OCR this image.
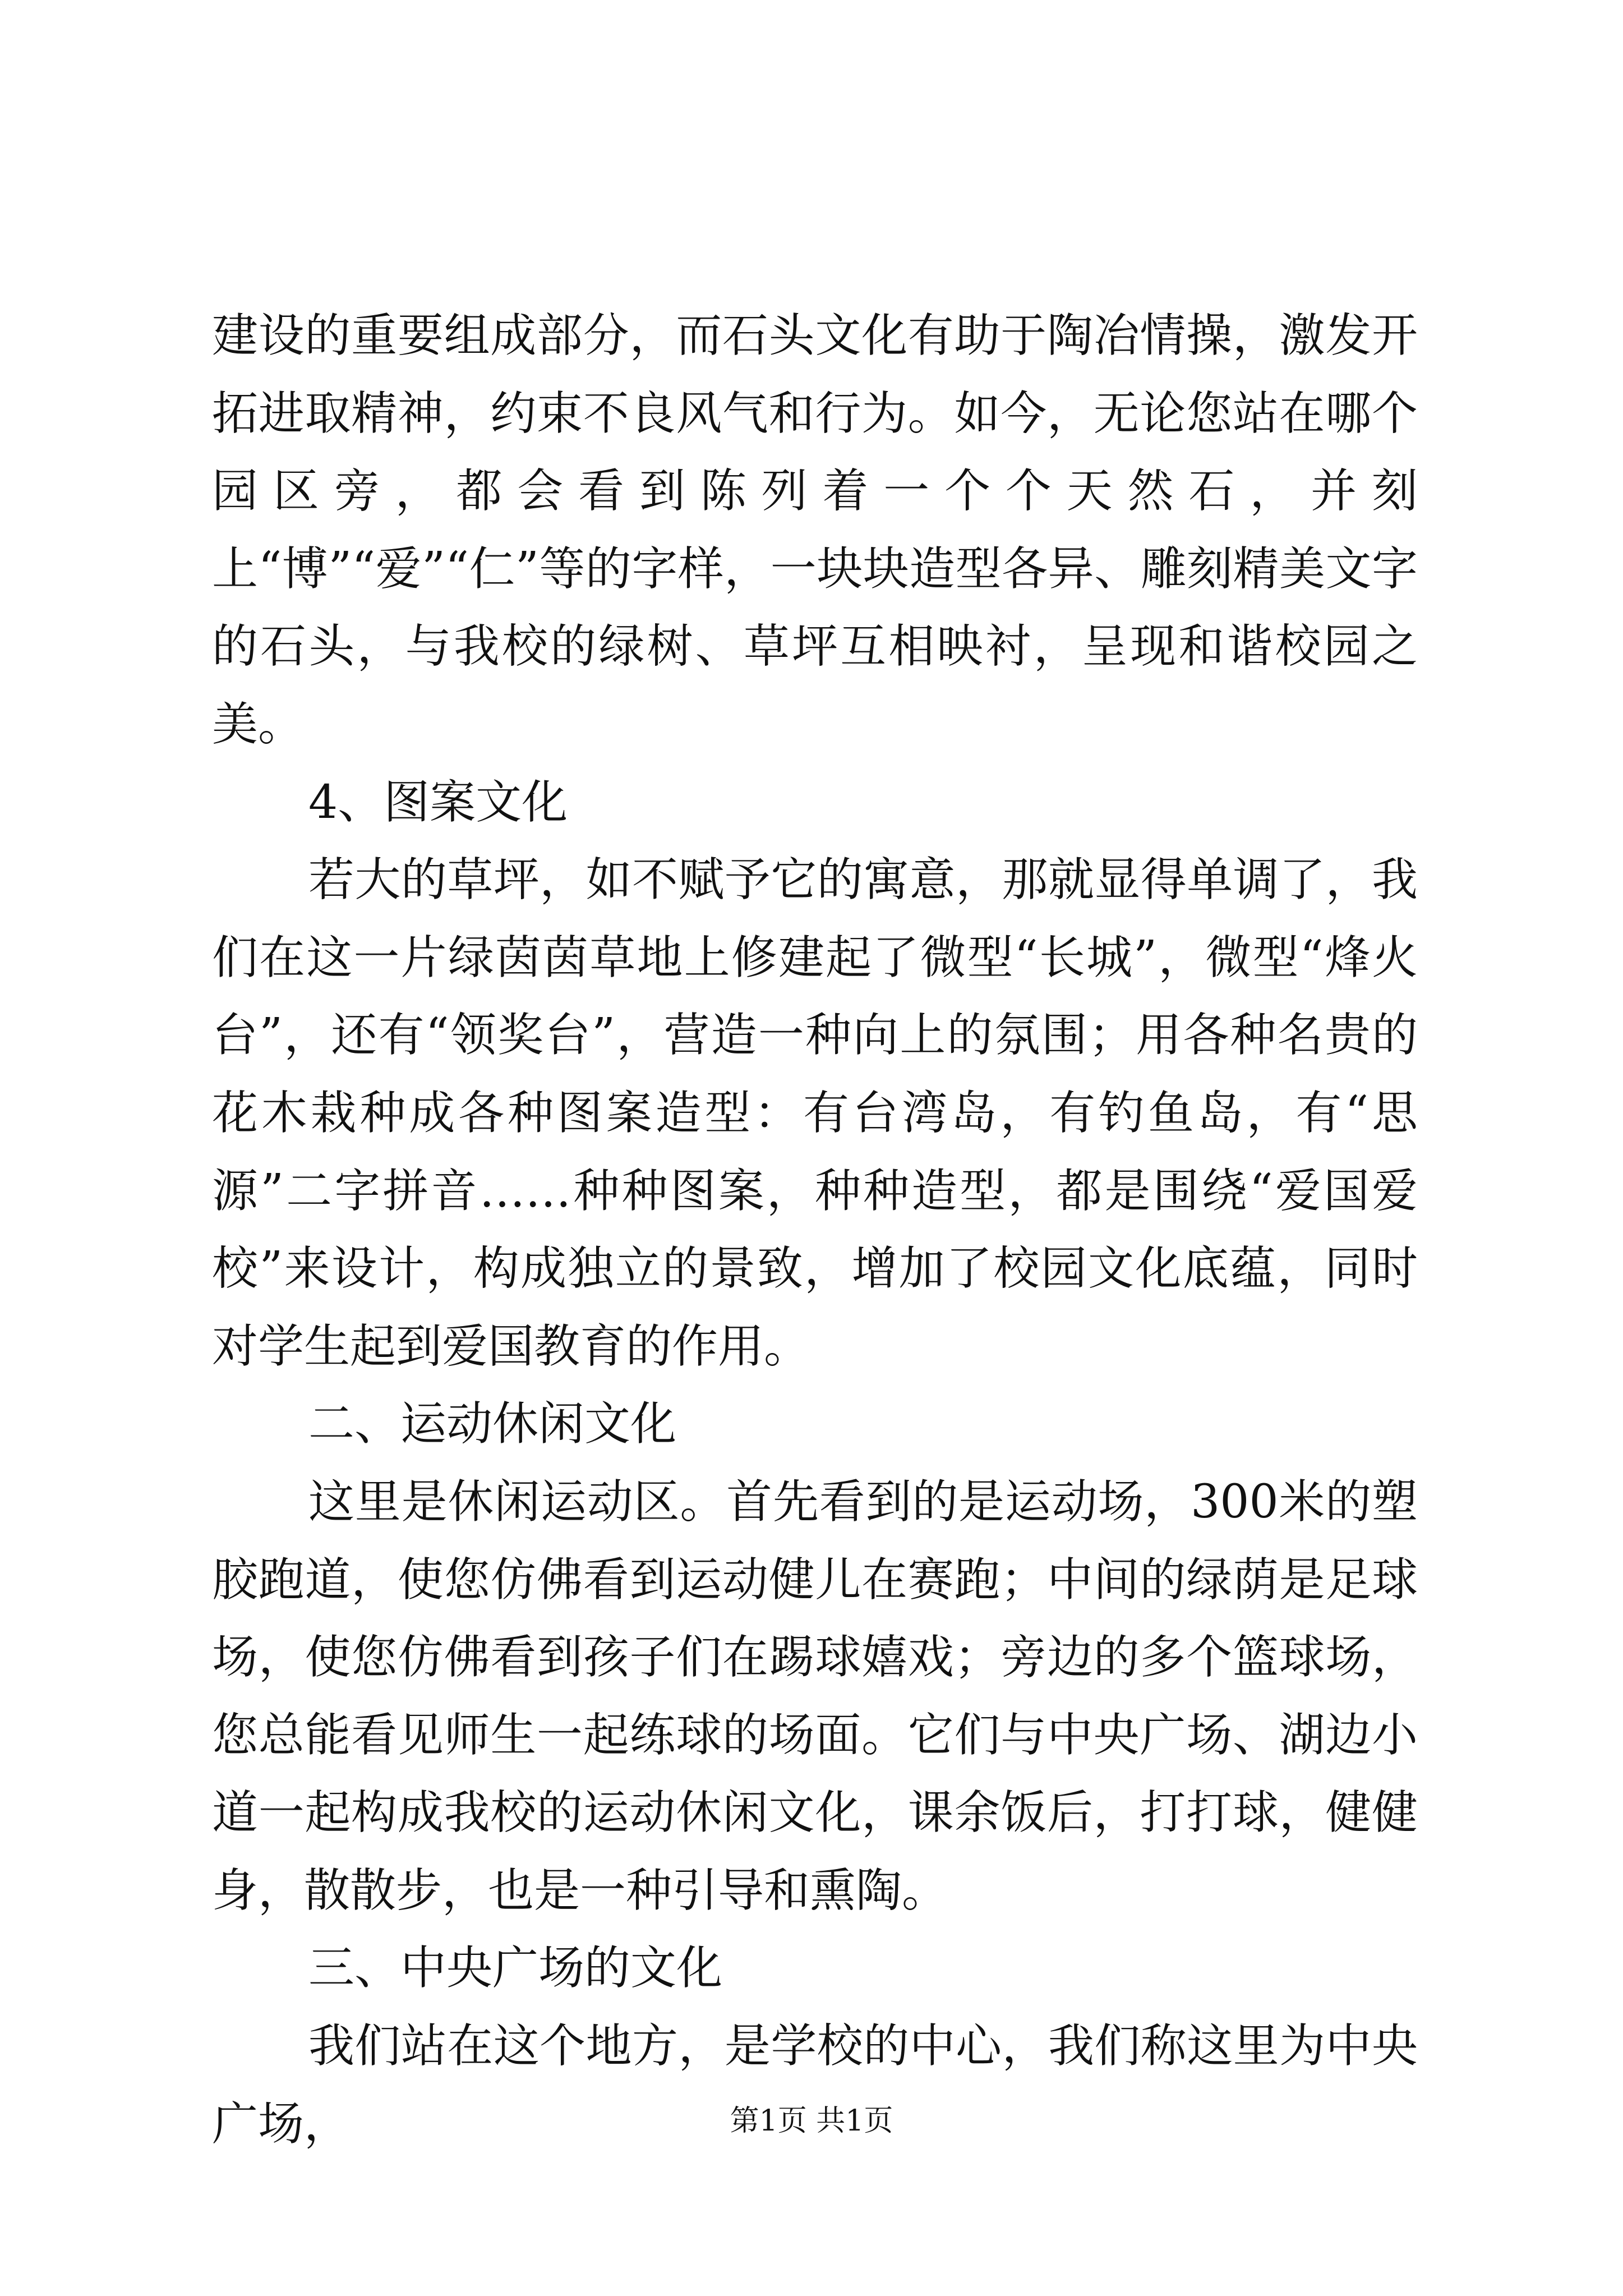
建设的重要组成部分，而石头文化有助于陶冶情操，激发开拓进取精神，约束不良风气和行为。如今，无论您站在哪个园区旁，都会看到陈列着一个个天然石，并刻上“博”“爱”“仁”等的字样，一块块造型各异、雕刻精美文字的石头，与我校的绿树、草坪互相映衬，呈现和谐校园之美。

4、图案文化

若大的草坪，如不赋予它的寓意，那就显得单调了，我们在这一片绿茵茵草地上修建起了微型“长城”，微型“烽火台”，还有“领奖台”，营造一种向上的氛围；用各种名贵的花木栽种成各种图案造型：有台湾岛，有钓鱼岛，有“思源”二字拼音……种种图案，种种造型，都是围绕“爱国爱校”来设计，构成独立的景致，增加了校园文化底蕴，同时对学生起到爱国教育的作用。

二、运动休闲文化

这里是休闲运动区。首先看到的是运动场，300米的塑胶跑道，使您仿佛看到运动健儿在赛跑；中间的绿荫是足球场，使您仿佛看到孩子们在踢球嬉戏；旁边的多个篮球场，您总能看见师生一起练球的场面。它们与中央广场、湖边小道一起构成我校的运动休闲文化，课余饭后，打打球，健健身，散散步，也是一种引导和熏陶。

三、中央广场的文化

我们站在这个地方，是学校的中心，我们称这里为中央广场，	第1页 共1页
